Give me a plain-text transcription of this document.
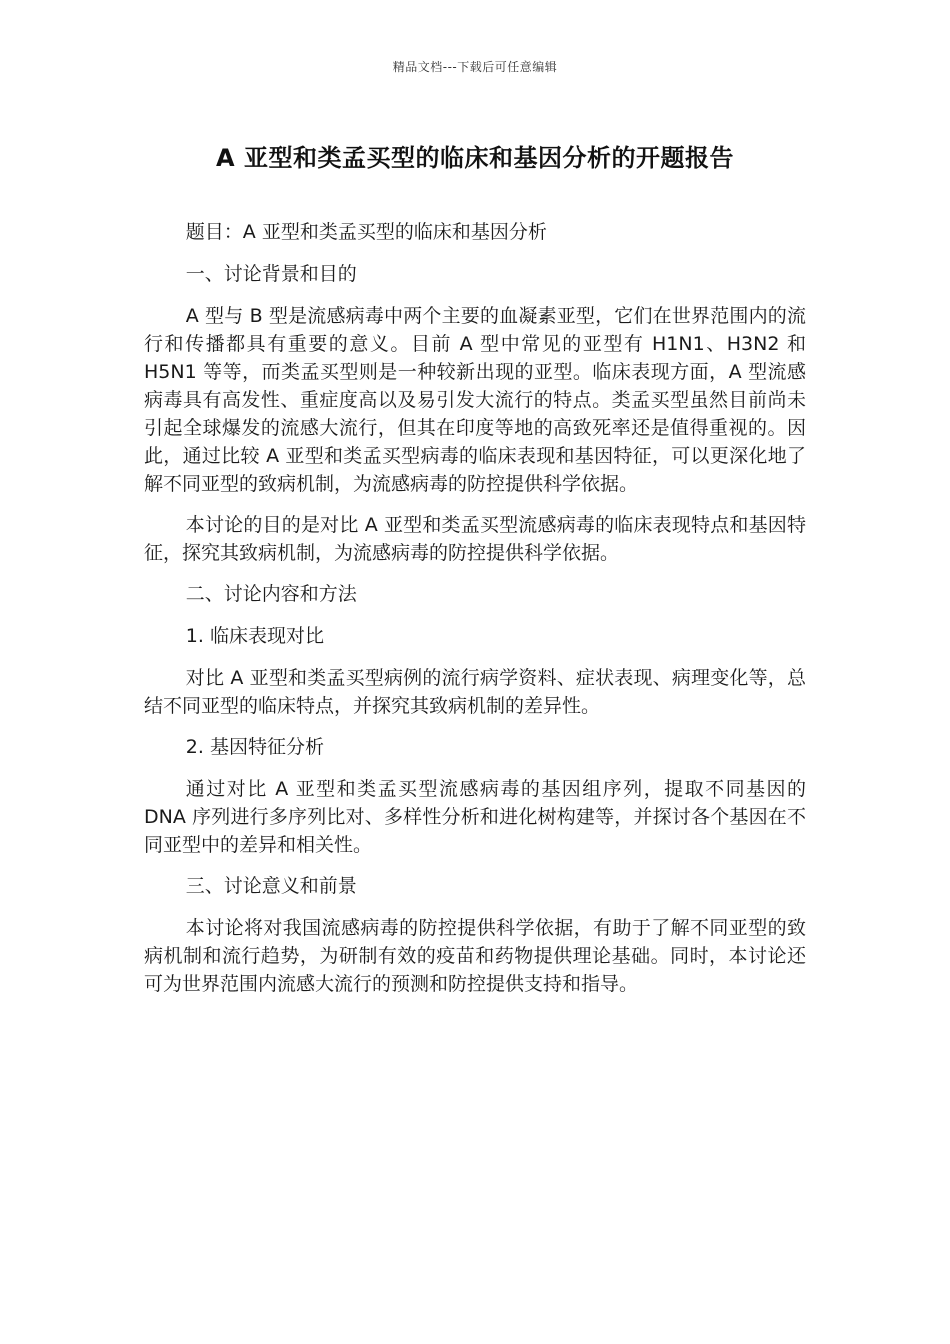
精品文档---下载后可任意编辑
A 亚型和类孟买型的临床和基因分析的开题报告

题目：A 亚型和类孟买型的临床和基因分析

一、讨论背景和目的

A 型与 B 型是流感病毒中两个主要的血凝素亚型，它们在世界范围内的流行和传播都具有重要的意义。目前 A 型中常见的亚型有 H1N1、H3N2 和 H5N1 等等，而类孟买型则是一种较新出现的亚型。临床表现方面，A 型流感病毒具有高发性、重症度高以及易引发大流行的特点。类孟买型虽然目前尚未引起全球爆发的流感大流行，但其在印度等地的高致死率还是值得重视的。因此，通过比较 A 亚型和类孟买型病毒的临床表现和基因特征，可以更深化地了解不同亚型的致病机制，为流感病毒的防控提供科学依据。

本讨论的目的是对比 A 亚型和类孟买型流感病毒的临床表现特点和基因特征，探究其致病机制，为流感病毒的防控提供科学依据。

二、讨论内容和方法

1. 临床表现对比

对比 A 亚型和类孟买型病例的流行病学资料、症状表现、病理变化等，总结不同亚型的临床特点，并探究其致病机制的差异性。

2. 基因特征分析

通过对比 A 亚型和类孟买型流感病毒的基因组序列，提取不同基因的 DNA 序列进行多序列比对、多样性分析和进化树构建等，并探讨各个基因在不同亚型中的差异和相关性。

三、讨论意义和前景

本讨论将对我国流感病毒的防控提供科学依据，有助于了解不同亚型的致病机制和流行趋势，为研制有效的疫苗和药物提供理论基础。同时，本讨论还可为世界范围内流感大流行的预测和防控提供支持和指导。
